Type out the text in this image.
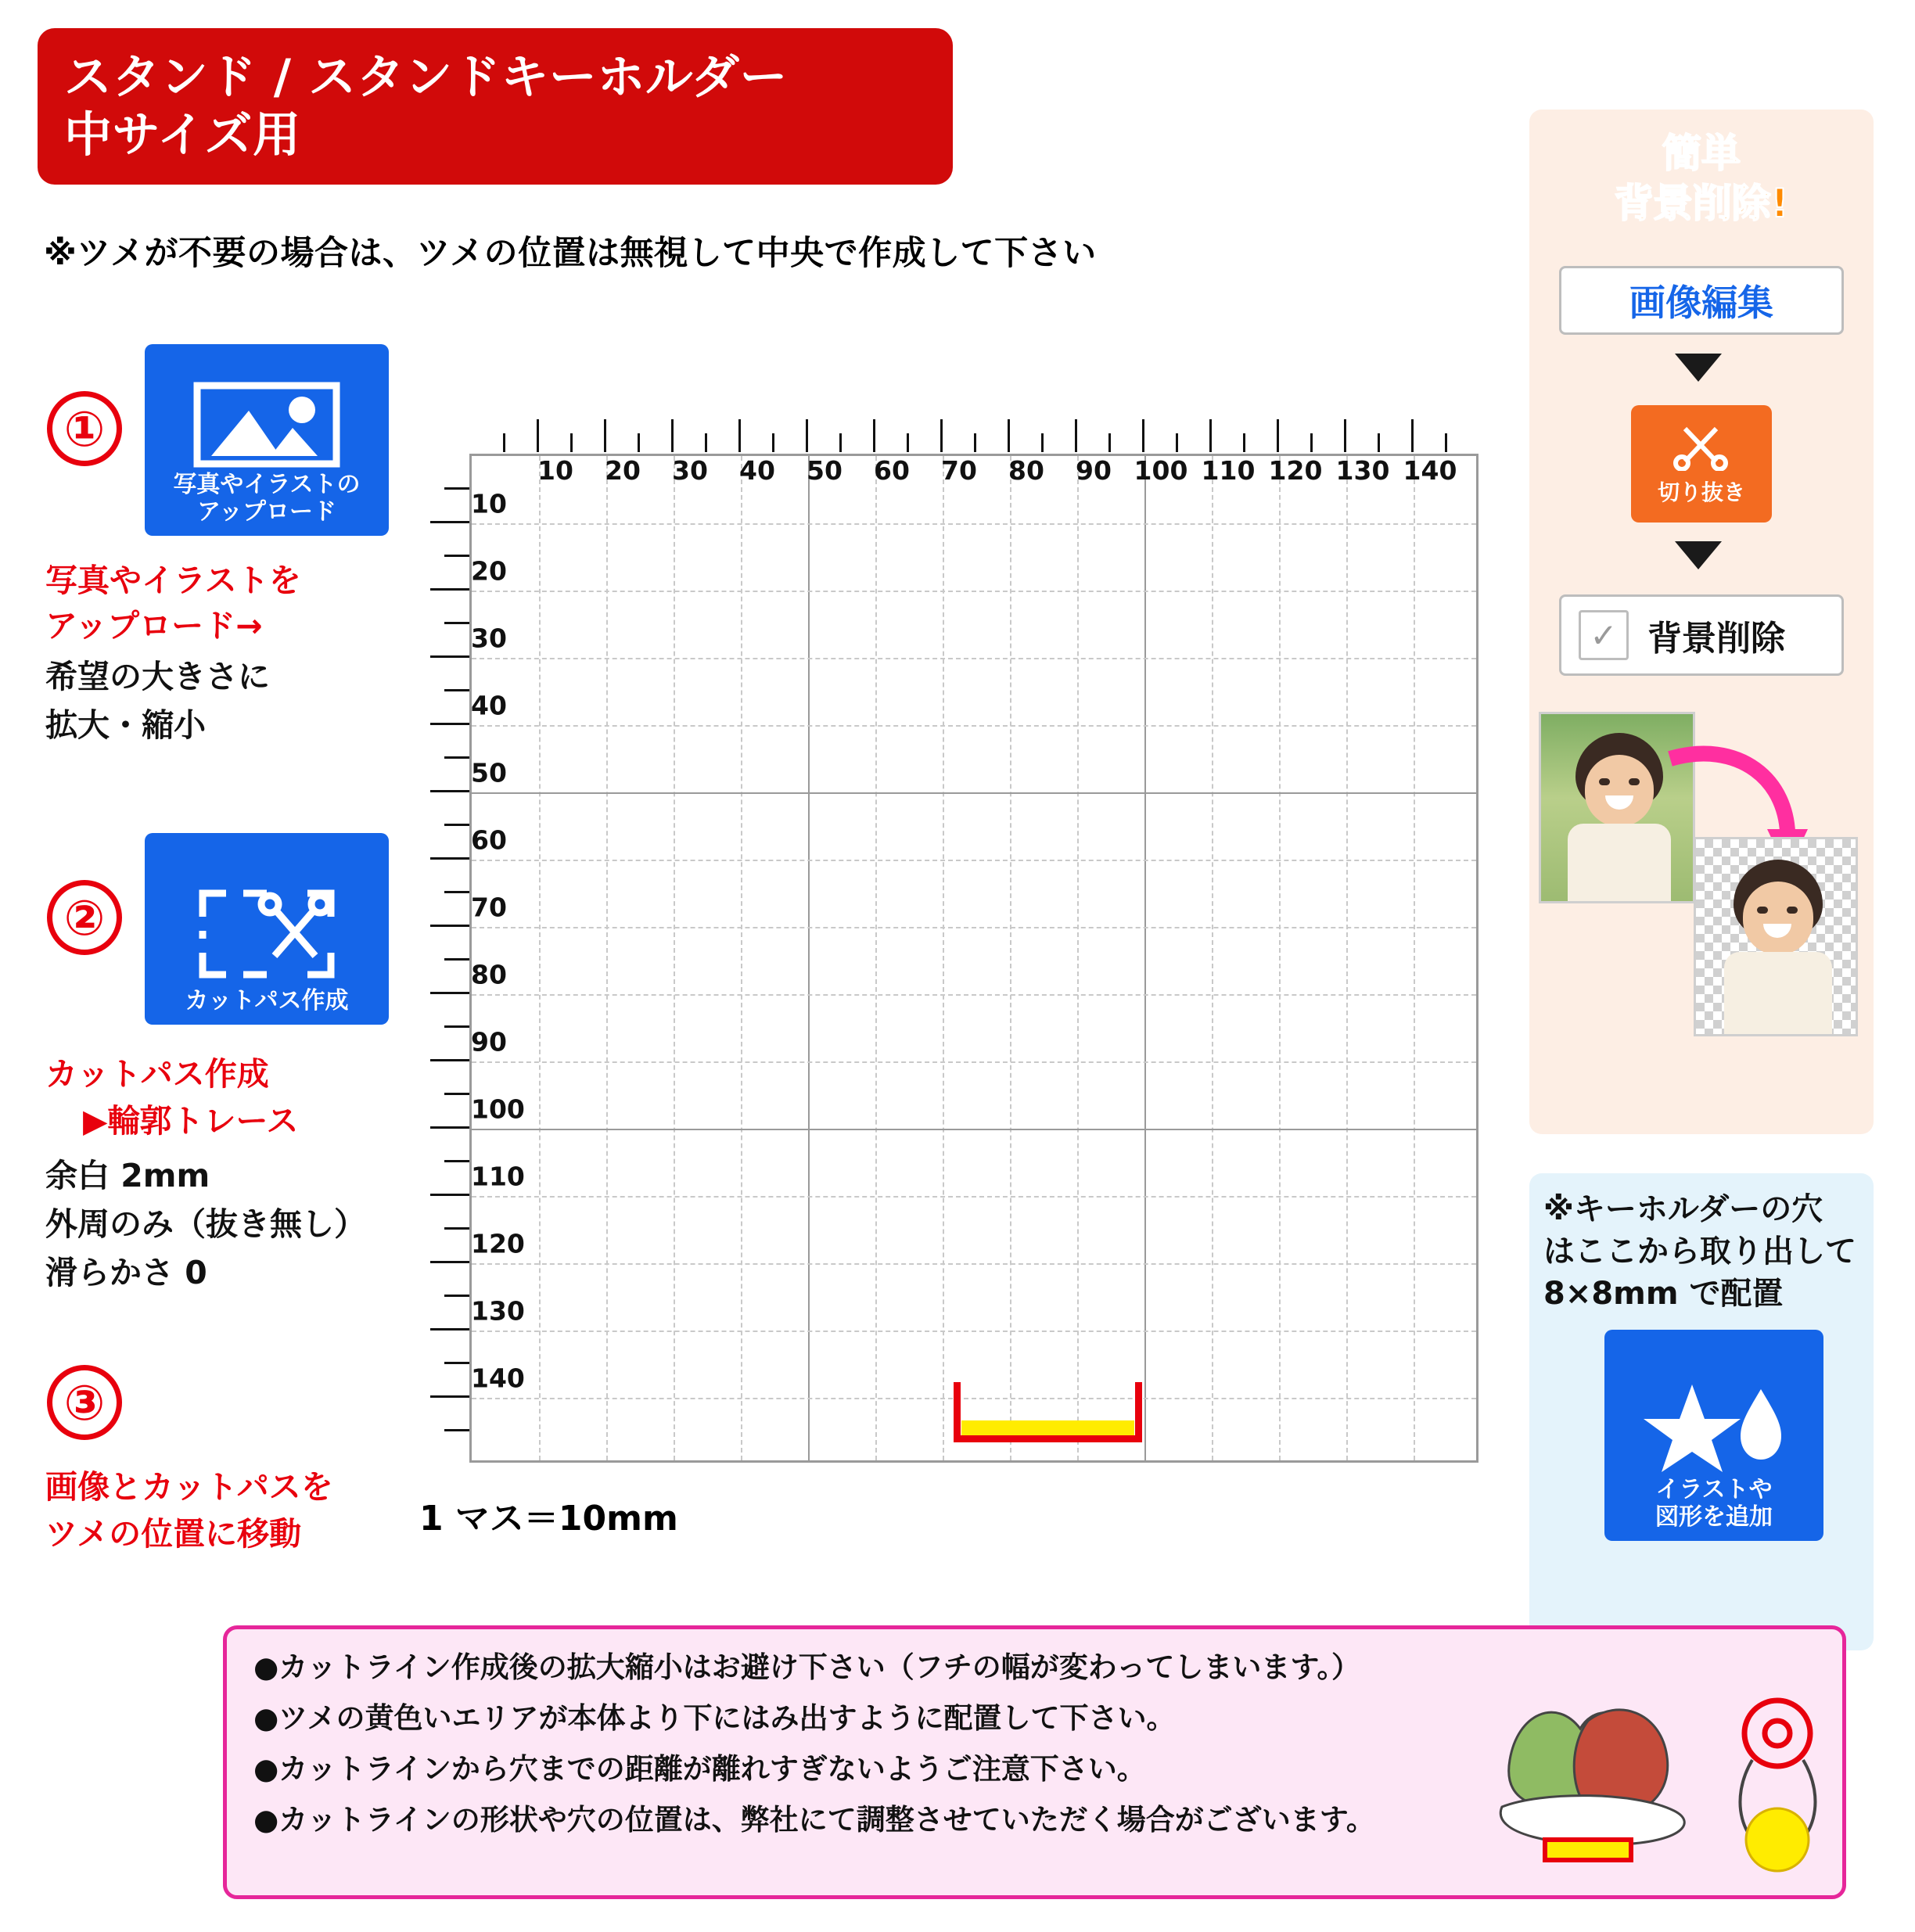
スタンド / スタンドキーホルダー
中サイズ用
※ツメが不要の場合は、ツメの位置は無視して中央で作成して下さい
①
写真やイラストの
アップロード
写真やイラストを
アップロード→
希望の大きさに
拡大・縮小
②
カットパス作成
カットパス作成
▶輪郭トレース
余白 2mm
外周のみ（抜き無し）
滑らかさ 0
③
画像とカットパスを
ツメの位置に移動	1 マス＝10mm
10 20 30 40 50 60 70 80 90 100 110 120 130 140
10
20
30
40
50
60
70
80
90
100
110
120
130
140
簡単
背景削除!
画像編集
切り抜き
✓ 背景削除
※キーホルダーの穴
はここから取り出して
8×8mm で配置
イラストや
図形を追加
●カットライン作成後の拡大縮小はお避け下さい（フチの幅が変わってしまいます。）
●ツメの黄色いエリアが本体より下にはみ出すように配置して下さい。
●カットラインから穴までの距離が離れすぎないようご注意下さい。
●カットラインの形状や穴の位置は、弊社にて調整させていただく場合がございます。
